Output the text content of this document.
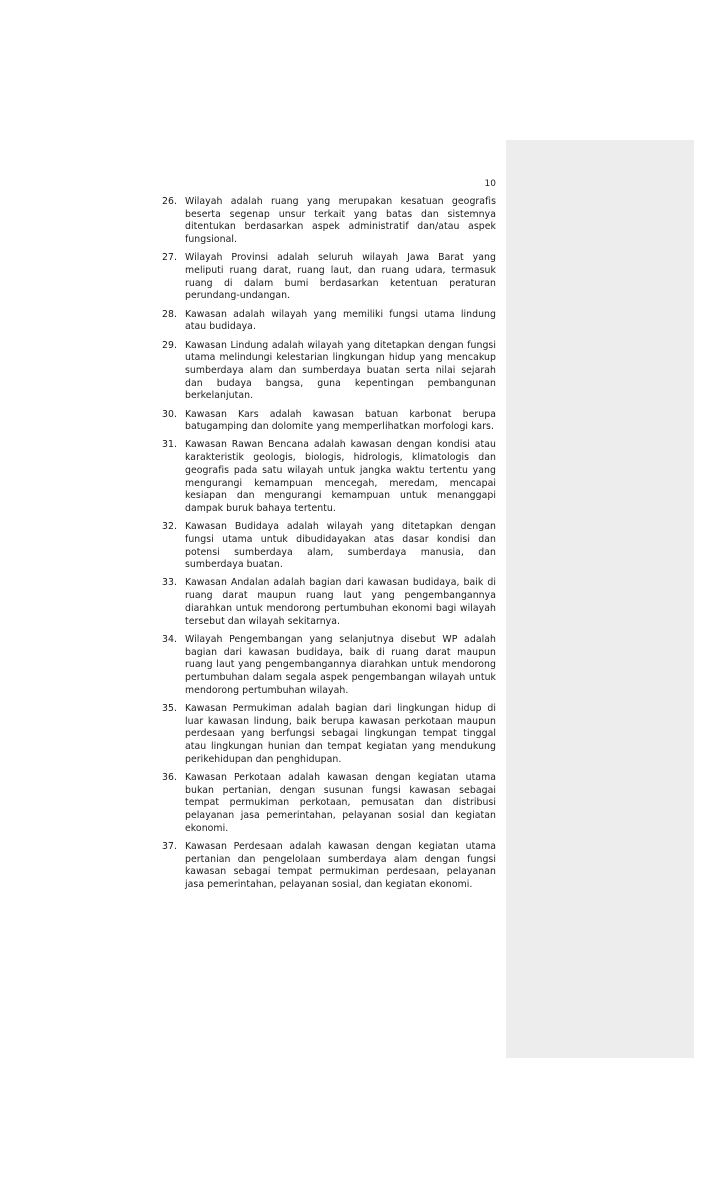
10
26. Wilayah adalah ruang yang merupakan kesatuan geografis beserta segenap unsur terkait yang batas dan sistemnya ditentukan berdasarkan aspek administratif dan/atau aspek fungsional.
27. Wilayah Provinsi adalah seluruh wilayah Jawa Barat yang meliputi ruang darat, ruang laut, dan ruang udara, termasuk ruang di dalam bumi berdasarkan ketentuan peraturan perundang-undangan.
28. Kawasan adalah wilayah yang memiliki fungsi utama lindung atau budidaya.
29. Kawasan Lindung adalah wilayah yang ditetapkan dengan fungsi utama melindungi kelestarian lingkungan hidup yang mencakup sumberdaya alam dan sumberdaya buatan serta nilai sejarah dan budaya bangsa, guna kepentingan pembangunan berkelanjutan.
30. Kawasan Kars adalah kawasan batuan karbonat berupa batugamping dan dolomite yang memperlihatkan morfologi kars.
31. Kawasan Rawan Bencana adalah kawasan dengan kondisi atau karakteristik geologis, biologis, hidrologis, klimatologis dan geografis pada satu wilayah untuk jangka waktu tertentu yang mengurangi kemampuan mencegah, meredam, mencapai kesiapan dan mengurangi kemampuan untuk menanggapi dampak buruk bahaya tertentu.
32. Kawasan Budidaya adalah wilayah yang ditetapkan dengan fungsi utama untuk dibudidayakan atas dasar kondisi dan potensi sumberdaya alam, sumberdaya manusia, dan sumberdaya buatan.
33. Kawasan Andalan adalah bagian dari kawasan budidaya, baik di ruang darat maupun ruang laut yang pengembangannya diarahkan untuk mendorong pertumbuhan ekonomi bagi wilayah tersebut dan wilayah sekitarnya.
34. Wilayah Pengembangan yang selanjutnya disebut WP adalah bagian dari kawasan budidaya, baik di ruang darat maupun ruang laut yang pengembangannya diarahkan untuk mendorong pertumbuhan dalam segala aspek pengembangan wilayah untuk mendorong pertumbuhan wilayah.
35. Kawasan Permukiman adalah bagian dari lingkungan hidup di luar kawasan lindung, baik berupa kawasan perkotaan maupun perdesaan yang berfungsi sebagai lingkungan tempat tinggal atau lingkungan hunian dan tempat kegiatan yang mendukung perikehidupan dan penghidupan.
36. Kawasan Perkotaan adalah kawasan dengan kegiatan utama bukan pertanian, dengan susunan fungsi kawasan sebagai tempat permukiman perkotaan, pemusatan dan distribusi pelayanan jasa pemerintahan, pelayanan sosial dan kegiatan ekonomi.
37. Kawasan Perdesaan adalah kawasan dengan kegiatan utama pertanian dan pengelolaan sumberdaya alam dengan fungsi kawasan sebagai tempat permukiman perdesaan, pelayanan jasa pemerintahan, pelayanan sosial, dan kegiatan ekonomi.
